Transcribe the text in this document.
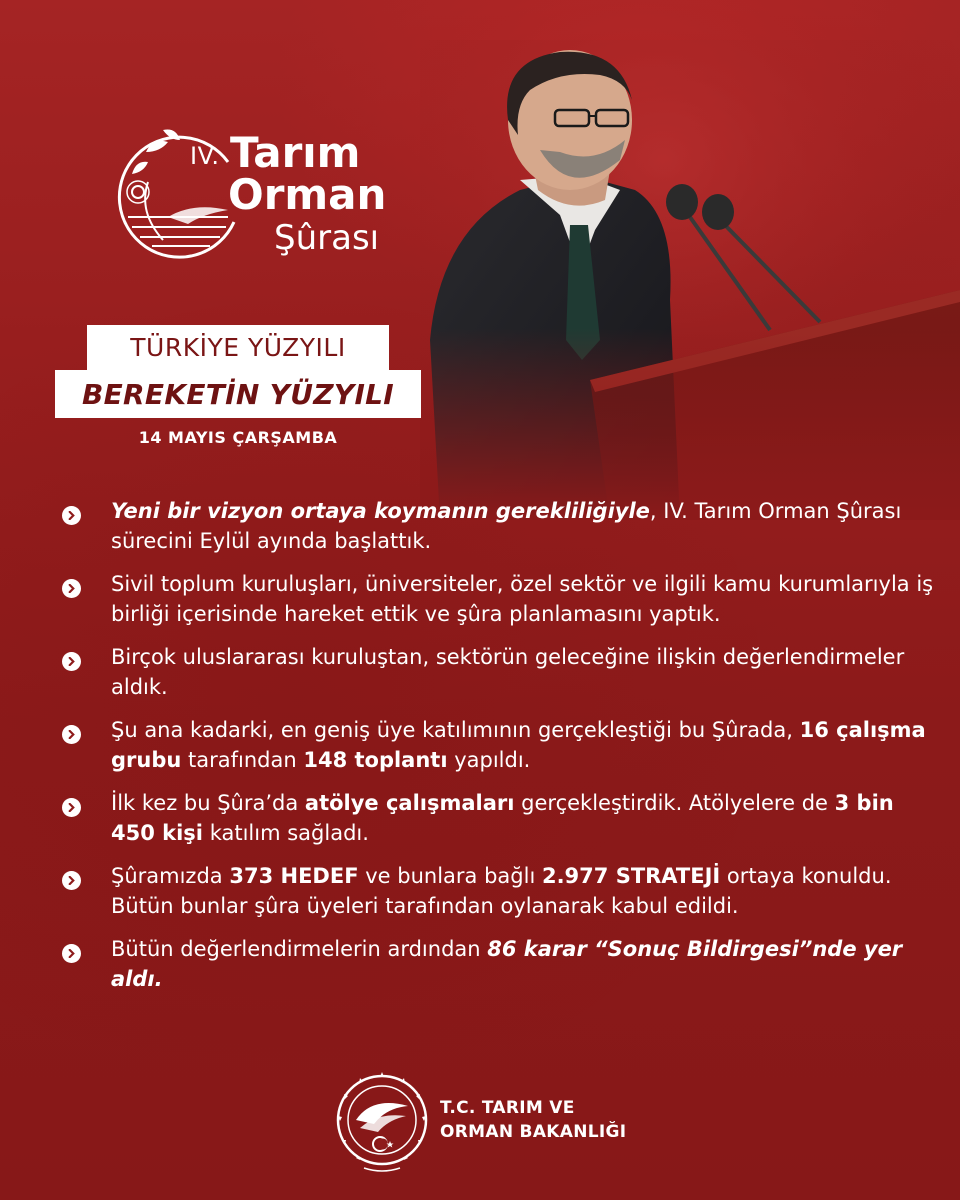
IV. Tarım
Orman
Şûrası
TÜRKİYE YÜZYILI
BEREKETİN YÜZYILI
14 MAYIS ÇARŞAMBA

Yeni bir vizyon ortaya koymanın gerekliliğiyle, IV. Tarım Orman Şûrası sürecini Eylül ayında başlattık.

Sivil toplum kuruluşları, üniversiteler, özel sektör ve ilgili kamu kurumlarıyla iş birliği içerisinde hareket ettik ve şûra planlamasını yaptık.

Birçok uluslararası kuruluştan, sektörün geleceğine ilişkin değerlendirmeler aldık.

Şu ana kadarki, en geniş üye katılımının gerçekleştiği bu Şûrada, 16 çalışma grubu tarafından 148 toplantı yapıldı.

İlk kez bu Şûra’da atölye çalışmaları gerçekleştirdik. Atölyelere de 3 bin 450 kişi katılım sağladı.

Şûramızda 373 HEDEF ve bunlara bağlı 2.977 STRATEJİ ortaya konuldu. Bütün bunlar şûra üyeleri tarafından oylanarak kabul edildi.

Bütün değerlendirmelerin ardından 86 karar “Sonuç Bildirgesi”nde yer aldı.

T.C. TARIM VE
ORMAN BAKANLIĞI
